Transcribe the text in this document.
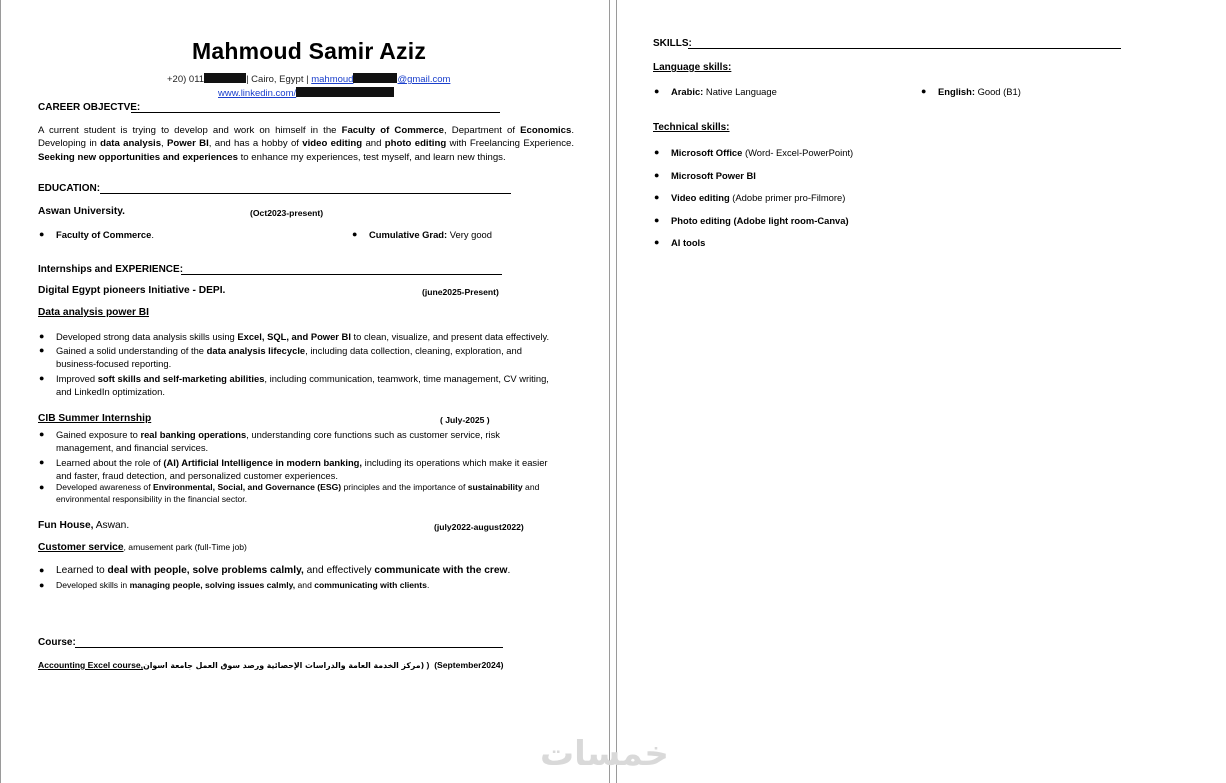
Mahmoud Samir Aziz
+20) 011	| Cairo, Egypt | mahmoud	@gmail.com
www.linkedin.com/
CAREER OBJECTVE:
A current student is trying to develop and work on himself in the Faculty of Commerce, Department of Economics. Developing in data analysis, Power BI, and has a hobby of video editing and photo editing with Freelancing Experience. Seeking new opportunities and experiences to enhance my experiences, test myself, and learn new things.
EDUCATION:
Aswan University.	(Oct2023-present)
●	Faculty of Commerce.	●	Cumulative Grad: Very good
Internships and EXPERIENCE:
Digital Egypt pioneers Initiative - DEPI.	(june2025-Present)
Data analysis power BI
●	Developed strong data analysis skills using Excel, SQL, and Power BI to clean, visualize, and present data effectively.
●	Gained a solid understanding of the data analysis lifecycle, including data collection, cleaning, exploration, and business-focused reporting.
●	Improved soft skills and self-marketing abilities, including communication, teamwork, time management, CV writing, and LinkedIn optimization.
CIB Summer Internship	( July-2025 )
●	Gained exposure to real banking operations, understanding core functions such as customer service, risk management, and financial services.
●	Learned about the role of (AI) Artificial Intelligence in modern banking, including its operations which make it easier and faster, fraud detection, and personalized customer experiences.
●	Developed awareness of Environmental, Social, and Governance (ESG) principles and the importance of sustainability and environmental responsibility in the financial sector.
Fun House, Aswan.	(july2022-august2022)
Customer service, amusement park (full-Time job)
●	Learned to deal with people, solve problems calmly, and effectively communicate with the crew.
●	Developed skills in managing people, solving issues calmly, and communicating with clients.
Course:
Accounting Excel course,(مركز الخدمة العامة والدراسات الإحصائية ورصد سوق العمل جامعة اسوان ) (September2024)
SKILLS:
Language skills:
●	Arabic: Native Language	●	English: Good (B1)
Technical skills:
●	Microsoft Office (Word- Excel-PowerPoint)
●	Microsoft Power BI
●	Video editing (Adobe primer pro-Filmore)
●	Photo editing (Adobe light room-Canva)
●	AI tools
خمسات
